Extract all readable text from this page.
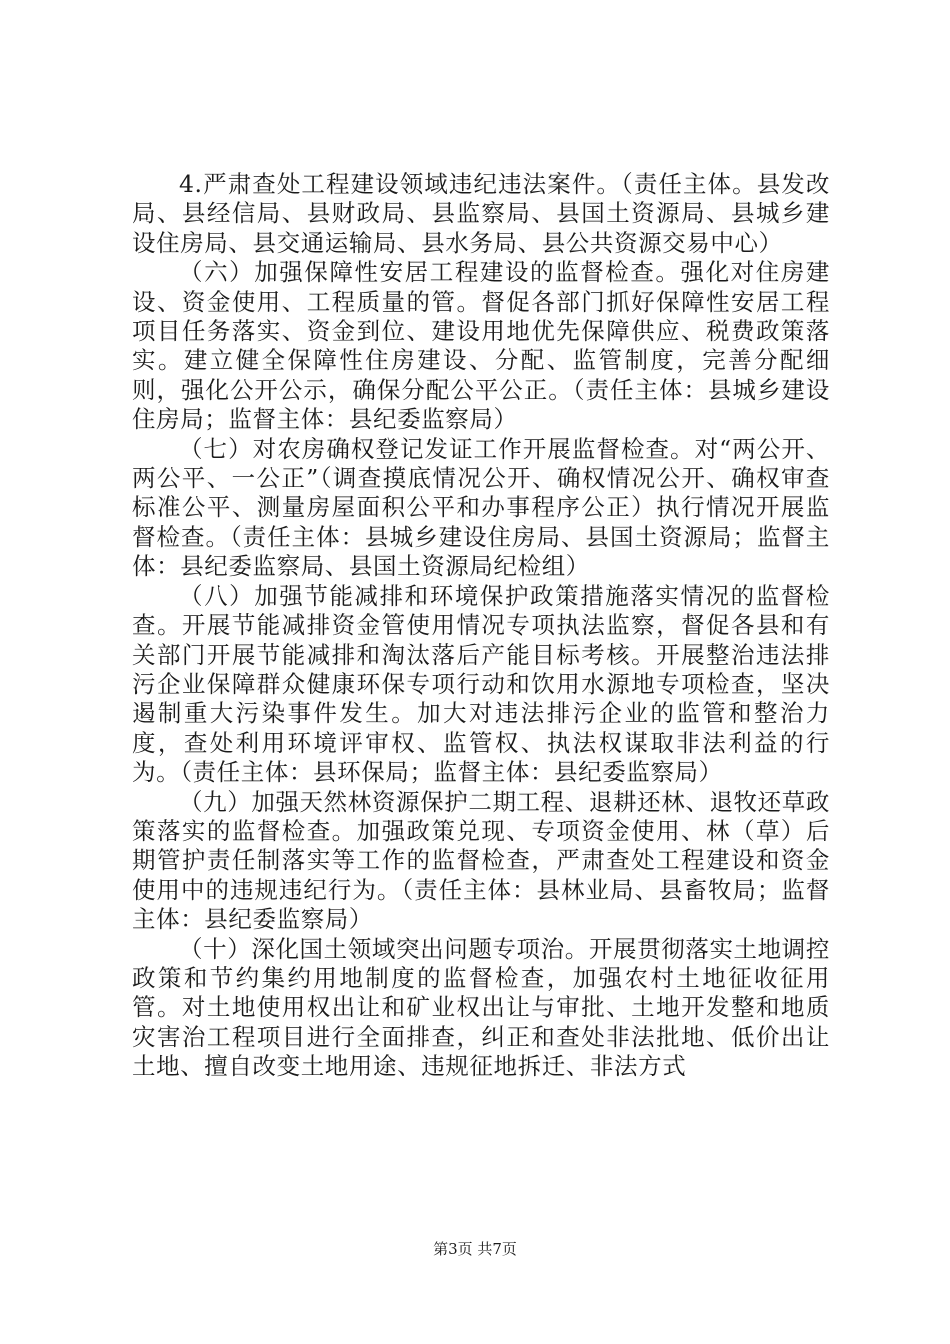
4.严肃查处工程建设领域违纪违法案件。（责任主体。县发改局、县经信局、县财政局、县监察局、县国土资源局、县城乡建设住房局、县交通运输局、县水务局、县公共资源交易中心）

（六）加强保障性安居工程建设的监督检查。强化对住房建设、资金使用、工程质量的管。督促各部门抓好保障性安居工程项目任务落实、资金到位、建设用地优先保障供应、税费政策落实。建立健全保障性住房建设、分配、监管制度，完善分配细则，强化公开公示，确保分配公平公正。（责任主体：县城乡建设住房局；监督主体：县纪委监察局）

（七）对农房确权登记发证工作开展监督检查。对“两公开、两公平、一公正”（调查摸底情况公开、确权情况公开、确权审查标准公平、测量房屋面积公平和办事程序公正）执行情况开展监督检查。（责任主体：县城乡建设住房局、县国土资源局；监督主体：县纪委监察局、县国土资源局纪检组）

（八）加强节能减排和环境保护政策措施落实情况的监督检查。开展节能减排资金管使用情况专项执法监察，督促各县和有关部门开展节能减排和淘汰落后产能目标考核。开展整治违法排污企业保障群众健康环保专项行动和饮用水源地专项检查，坚决遏制重大污染事件发生。加大对违法排污企业的监管和整治力度，查处利用环境评审权、监管权、执法权谋取非法利益的行为。（责任主体：县环保局；监督主体：县纪委监察局）

（九）加强天然林资源保护二期工程、退耕还林、退牧还草政策落实的监督检查。加强政策兑现、专项资金使用、林（草）后期管护责任制落实等工作的监督检查，严肃查处工程建设和资金使用中的违规违纪行为。（责任主体：县林业局、县畜牧局；监督主体：县纪委监察局）

（十）深化国土领域突出问题专项治。开展贯彻落实土地调控政策和节约集约用地制度的监督检查，加强农村土地征收征用管。对土地使用权出让和矿业权出让与审批、土地开发整和地质灾害治工程项目进行全面排查，纠正和查处非法批地、低价出让土地、擅自改变土地用途、违规征地拆迁、非法方式

第3页 共7页
